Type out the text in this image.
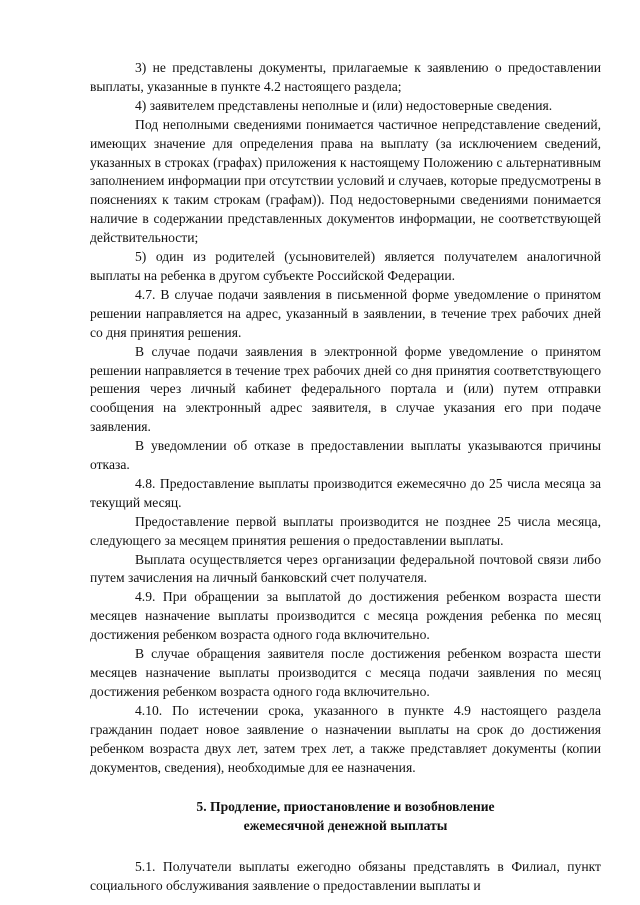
3) не представлены документы, прилагаемые к заявлению о предоставлении выплаты, указанные в пункте 4.2 настоящего раздела;

4) заявителем представлены неполные и (или) недостоверные сведения.

Под неполными сведениями понимается частичное непредставление сведений, имеющих значение для определения права на выплату (за исключением сведений, указанных в строках (графах) приложения к настоящему Положению с альтернативным заполнением информации при отсутствии условий и случаев, которые предусмотрены в пояснениях к таким строкам (графам)). Под недостоверными сведениями понимается наличие в содержании представленных документов информации, не соответствующей действительности;

5) один из родителей (усыновителей) является получателем аналогичной выплаты на ребенка в другом субъекте Российской Федерации.

4.7. В случае подачи заявления в письменной форме уведомление о принятом решении направляется на адрес, указанный в заявлении, в течение трех рабочих дней со дня принятия решения.

В случае подачи заявления в электронной форме уведомление о принятом решении направляется в течение трех рабочих дней со дня принятия соответствующего решения через личный кабинет федерального портала и (или) путем отправки сообщения на электронный адрес заявителя, в случае указания его при подаче заявления.

В уведомлении об отказе в предоставлении выплаты указываются причины отказа.

4.8. Предоставление выплаты производится ежемесячно до 25 числа месяца за текущий месяц.

Предоставление первой выплаты производится не позднее 25 числа месяца, следующего за месяцем принятия решения о предоставлении выплаты.

Выплата осуществляется через организации федеральной почтовой связи либо путем зачисления на личный банковский счет получателя.

4.9. При обращении за выплатой до достижения ребенком возраста шести месяцев назначение выплаты производится с месяца рождения ребенка по месяц достижения ребенком возраста одного года включительно.

В случае обращения заявителя после достижения ребенком возраста шести месяцев назначение выплаты производится с месяца подачи заявления по месяц достижения ребенком возраста одного года включительно.

4.10. По истечении срока, указанного в пункте 4.9 настоящего раздела гражданин подает новое заявление о назначении выплаты на срок до достижения ребенком возраста двух лет, затем трех лет, а также представляет документы (копии документов, сведения), необходимые для ее назначения.

5. Продление, приостановление и возобновление
ежемесячной денежной выплаты

5.1. Получатели выплаты ежегодно обязаны представлять в Филиал, пункт социального обслуживания заявление о предоставлении выплаты и
